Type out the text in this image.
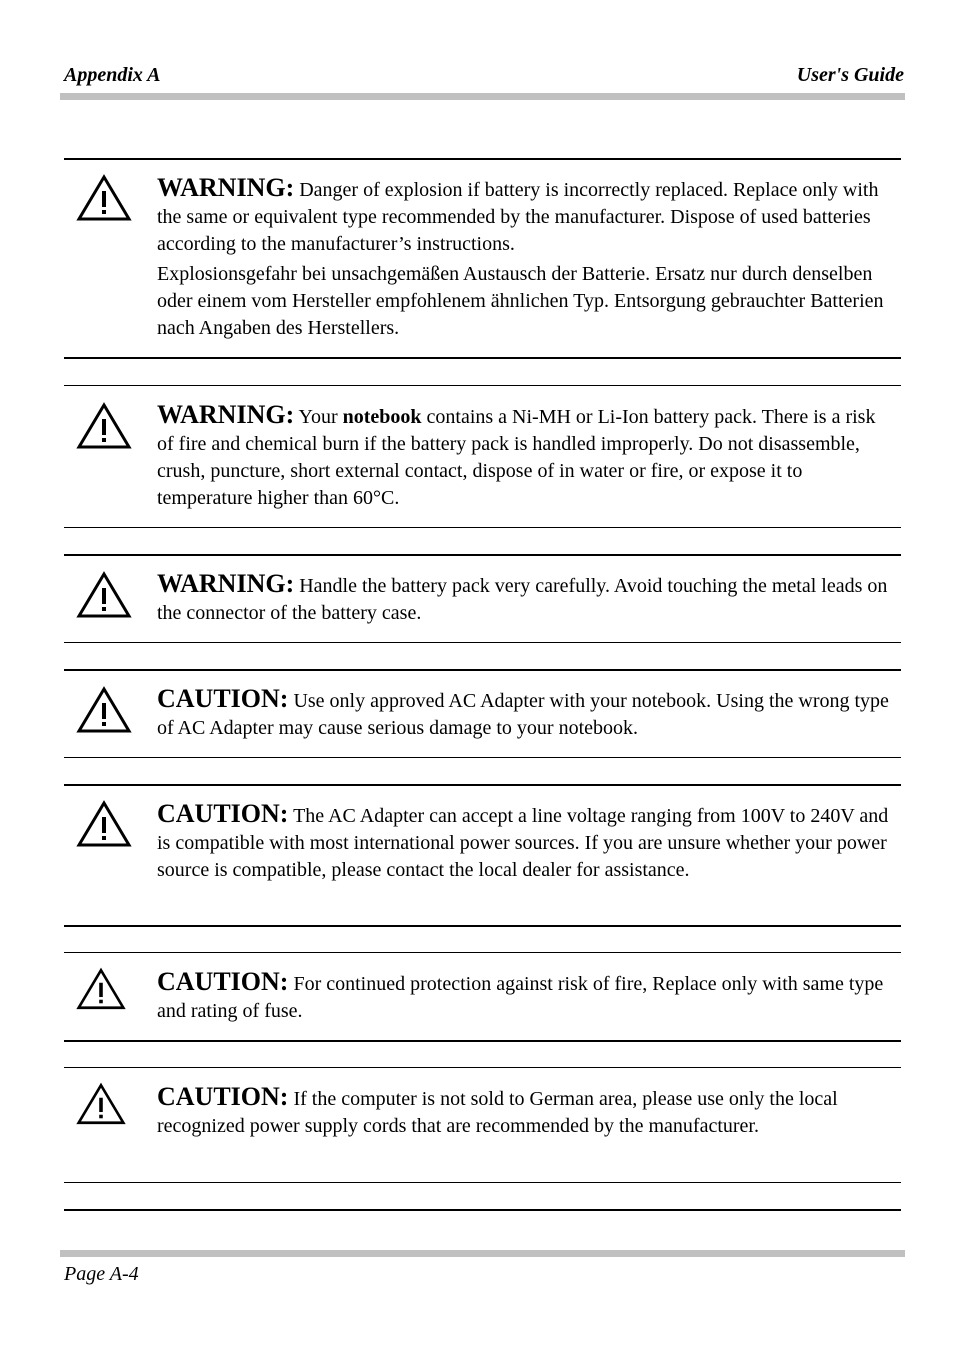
Appendix A	User's Guide

WARNING: Danger of explosion if battery is incorrectly replaced. Replace only with the same or equivalent type recommended by the manufacturer. Dispose of used batteries according to the manufacturer’s instructions.

Explosionsgefahr bei unsachgemäßen Austausch der Batterie. Ersatz nur durch denselben oder einem vom Hersteller empfohlenem ähnlichen Typ. Entsorgung gebrauchter Batterien nach Angaben des Herstellers.

WARNING: Your notebook contains a Ni-MH or Li-Ion battery pack. There is a risk of fire and chemical burn if the battery pack is handled improperly. Do not disassemble, crush, puncture, short external contact, dispose of in water or fire, or expose it to temperature higher than 60°C.

WARNING: Handle the battery pack very carefully. Avoid touching the metal leads on the connector of the battery case.

CAUTION: Use only approved AC Adapter with your notebook. Using the wrong type of AC Adapter may cause serious damage to your notebook.

CAUTION: The AC Adapter can accept a line voltage ranging from 100V to 240V and is compatible with most international power sources. If you are unsure whether your power source is compatible, please contact the local dealer for assistance.

CAUTION: For continued protection against risk of fire, Replace only with same type and rating of fuse.

CAUTION: If the computer is not sold to German area, please use only the local recognized power supply cords that are recommended by the manufacturer.

Page A-4
